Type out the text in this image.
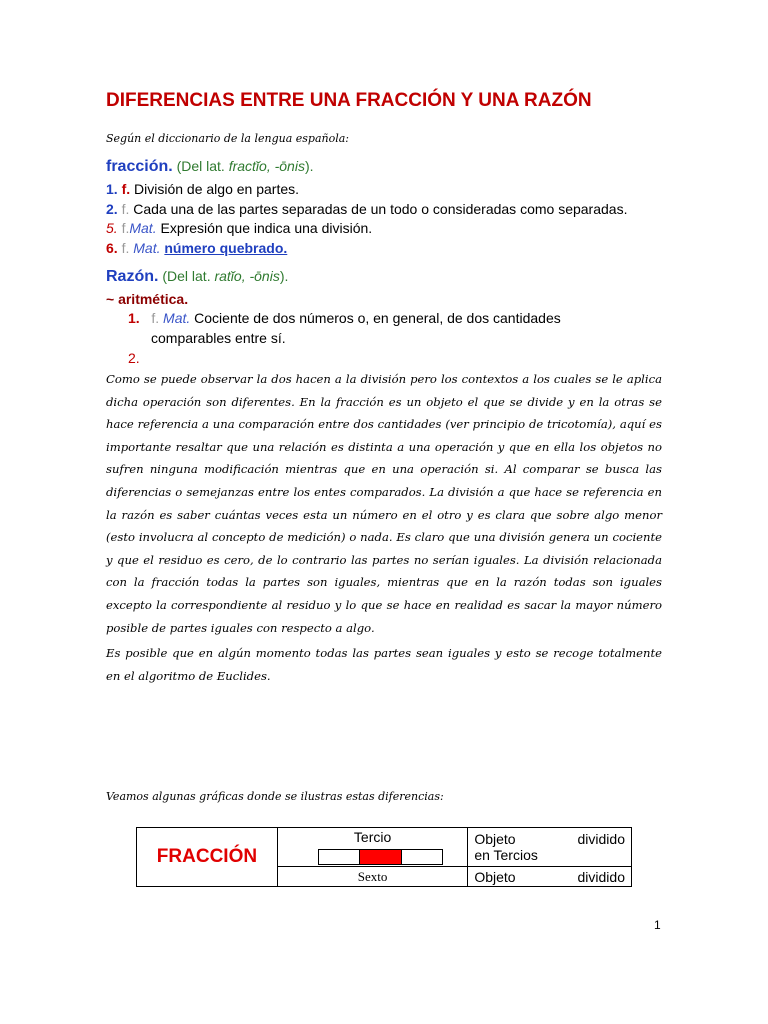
DIFERENCIAS ENTRE UNA FRACCIÓN Y UNA RAZÓN
Según el diccionario de la lengua española:
fracción. (Del lat. fractĭo, -ōnis).
1. f. División de algo en partes.
2. f. Cada una de las partes separadas de un todo o consideradas como separadas.
5. f.Mat. Expresión que indica una división.
6. f. Mat. número quebrado.
Razón. (Del lat. ratĭo, -ōnis).
~ aritmética.
1. f. Mat. Cociente de dos números o, en general, de dos cantidades
comparables entre sí.
2.
Como se puede observar la dos hacen a la división pero los contextos a los cuales se le aplica dicha operación son diferentes. En la fracción es un objeto el que se divide y en la otras se hace referencia a una comparación entre dos cantidades (ver principio de tricotomía), aquí es importante resaltar que una relación es distinta a una operación y que en ella los objetos no sufren ninguna modificación mientras que en una operación si. Al comparar se busca las diferencias o semejanzas entre los entes comparados. La división a que hace se referencia en la razón es saber cuántas veces esta un número en el otro y es clara que sobre algo menor (esto involucra al concepto de medición) o nada. Es claro que una división genera un cociente y que el residuo es cero, de lo contrario las partes no serían iguales. La división relacionada con la fracción todas la partes son iguales, mientras que en la razón todas son iguales excepto la correspondiente al residuo y lo que se hace en realidad es sacar la mayor número posible de partes iguales con respecto a algo.
Es posible que en algún momento todas las partes sean iguales y esto se recoge totalmente en el algoritmo de Euclides.
Veamos algunas gráficas donde se ilustras estas diferencias:
FRACCIÓN	Tercio	Objeto dividido
en Tercios

	Sexto	Objeto dividido
1
